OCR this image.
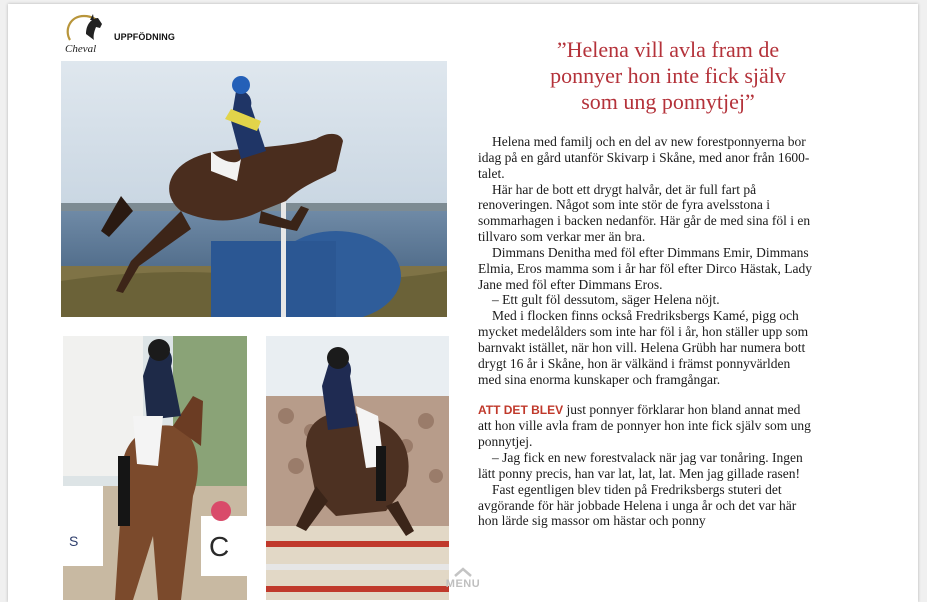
Cheval
UPPFÖDNING
S	C
”Helena vill avla fram de
ponnyer hon inte fick själv
som ung ponnytjej”

Helena med familj och en del av new forestponnyerna bor idag på en gård utanför Skivarp i Skåne, med anor från 1600-talet.

Här har de bott ett drygt halvår, det är full fart på renoveringen. Något som inte stör de fyra avelsstona i sommarhagen i backen nedanför. Här går de med sina föl i en tillvaro som verkar mer än bra.

Dimmans Denitha med föl efter Dimmans Emir, Dimmans Elmia, Eros mamma som i år har föl efter Dirco Hästak, Lady Jane med föl efter Dimmans Eros.

– Ett gult föl dessutom, säger Helena nöjt.

Med i flocken finns också Fredriksbergs Kamé, pigg och mycket medelålders som inte har föl i år, hon ställer upp som barnvakt istället, när hon vill. Helena Grübh har numera bott drygt 16 år i Skåne, hon är välkänd i främst ponnyvärlden med sina enorma kunskaper och framgångar.

ATT DET BLEV just ponnyer förklarar hon bland annat med att hon ville avla fram de ponnyer hon inte fick själv som ung ponnytjej.

– Jag fick en new forestvalack när jag var tonåring. Ingen lätt ponny precis, han var lat, lat, lat. Men jag gillade rasen!

Fast egentligen blev tiden på Fredriksbergs stuteri det avgörande för här jobbade Helena i unga år och det var här hon lärde sig massor om hästar och ponny

MENU
